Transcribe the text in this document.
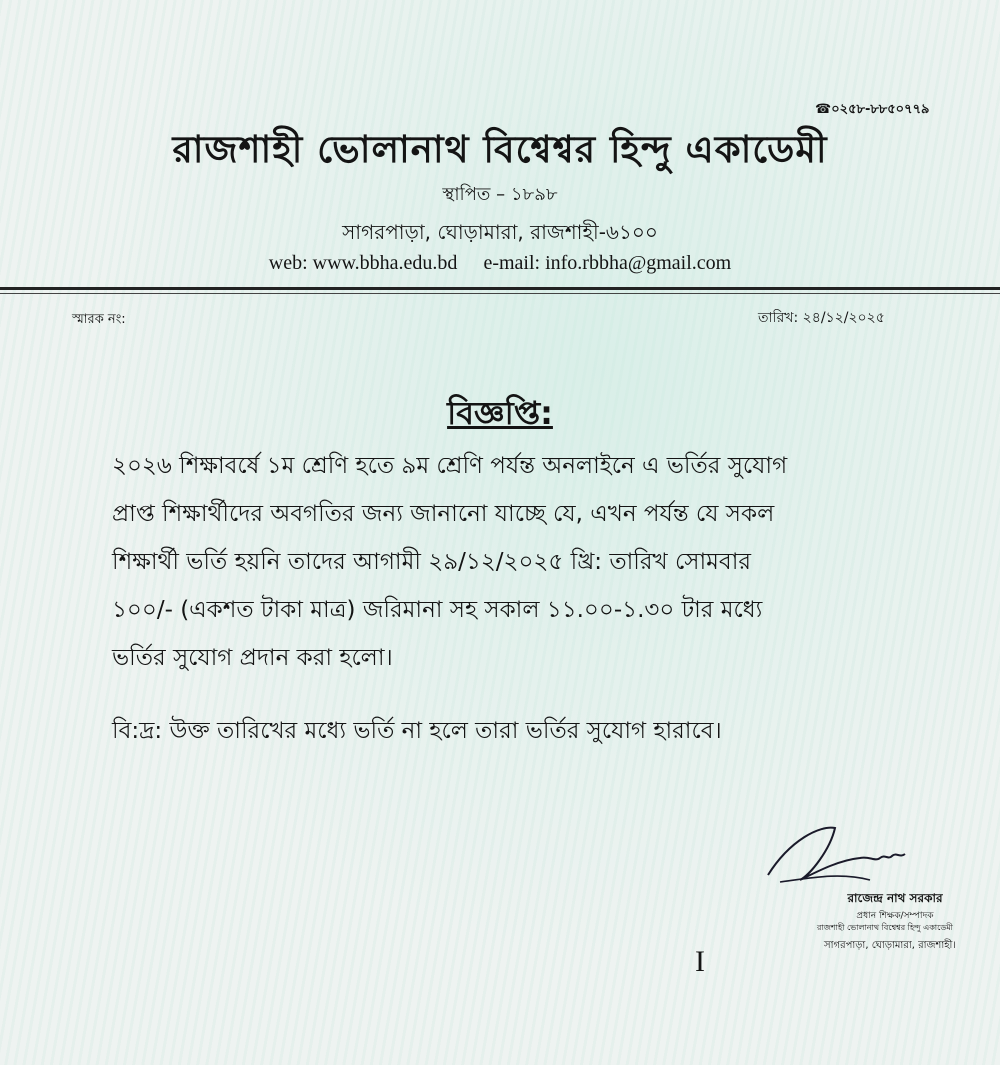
☎০২৫৮-৮৮৫০৭৭৯
রাজশাহী ভোলানাথ বিশ্বেশ্বর হিন্দু একাডেমী
স্থাপিত – ১৮৯৮
সাগরপাড়া, ঘোড়ামারা, রাজশাহী-৬১০০
web: www.bbha.edu.bd e-mail: info.rbbha@gmail.com
স্মারক নং:	তারিখ: ২৪/১২/২০২৫
বিজ্ঞপ্তি:
২০২৬ শিক্ষাবর্ষে ১ম শ্রেণি হতে ৯ম শ্রেণি পর্যন্ত অনলাইনে এ ভর্তির সুযোগ
প্রাপ্ত শিক্ষার্থীদের অবগতির জন্য জানানো যাচ্ছে যে, এখন পর্যন্ত যে সকল
শিক্ষার্থী ভর্তি হয়নি তাদের আগামী ২৯/১২/২০২৫ খ্রি: তারিখ সোমবার
১০০/- (একশত টাকা মাত্র) জরিমানা সহ সকাল ১১.০০-১.৩০ টার মধ্যে
ভর্তির সুযোগ প্রদান করা হলো।
বি:দ্র: উক্ত তারিখের মধ্যে ভর্তি না হলে তারা ভর্তির সুযোগ হারাবে।
রাজেন্দ্র নাথ সরকার
প্রধান শিক্ষক/সম্পাদক
রাজশাহী ভোলানাথ বিশ্বেশ্বর হিন্দু একাডেমী
সাগরপাড়া, ঘোড়ামারা, রাজশাহী।
I
